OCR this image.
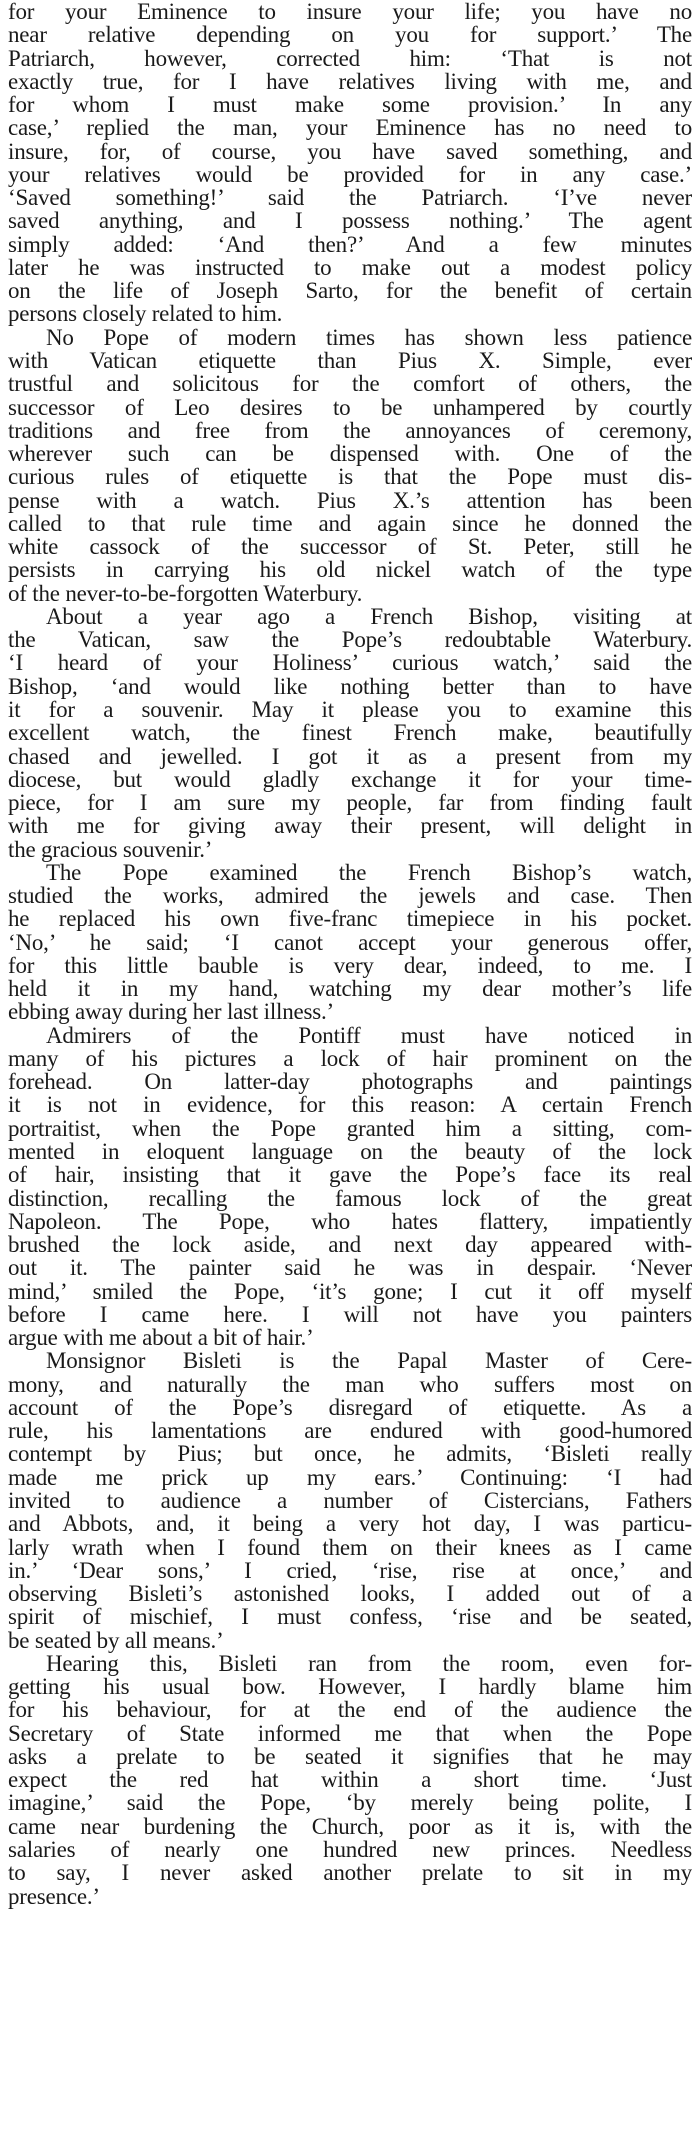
for your Eminence to insure your life; you have no
near relative depending on you for support.’ The
Patriarch, however, corrected him: ‘That is not
exactly true, for I have relatives living with me, and
for whom I must make some provision.’ In any
case,’ replied the man, your Eminence has no need to
insure, for, of course, you have saved something, and
your relatives would be provided for in any case.’
‘Saved something!’ said the Patriarch. ‘I’ve never
saved anything, and I possess nothing.’ The agent
simply added: ‘And then?’ And a few minutes
later he was instructed to make out a modest policy
on the life of Joseph Sarto, for the benefit of certain
persons closely related to him.
No Pope of modern times has shown less patience
with Vatican etiquette than Pius X. Simple, ever
trustful and solicitous for the comfort of others, the
successor of Leo desires to be unhampered by courtly
traditions and free from the annoyances of ceremony,
wherever such can be dispensed with. One of the
curious rules of etiquette is that the Pope must dis-
pense with a watch. Pius X.’s attention has been
called to that rule time and again since he donned the
white cassock of the successor of St. Peter, still he
persists in carrying his old nickel watch of the type
of the never-to-be-forgotten Waterbury.
About a year ago a French Bishop, visiting at
the Vatican, saw the Pope’s redoubtable Waterbury.
‘I heard of your Holiness’ curious watch,’ said the
Bishop, ‘and would like nothing better than to have
it for a souvenir. May it please you to examine this
excellent watch, the finest French make, beautifully
chased and jewelled. I got it as a present from my
diocese, but would gladly exchange it for your time-
piece, for I am sure my people, far from finding fault
with me for giving away their present, will delight in
the gracious souvenir.’
The Pope examined the French Bishop’s watch,
studied the works, admired the jewels and case. Then
he replaced his own five-franc timepiece in his pocket.
‘No,’ he said; ‘I canot accept your generous offer,
for this little bauble is very dear, indeed, to me. I
held it in my hand, watching my dear mother’s life
ebbing away during her last illness.’
Admirers of the Pontiff must have noticed in
many of his pictures a lock of hair prominent on the
forehead. On latter-day photographs and paintings
it is not in evidence, for this reason: A certain French
portraitist, when the Pope granted him a sitting, com-
mented in eloquent language on the beauty of the lock
of hair, insisting that it gave the Pope’s face its real
distinction, recalling the famous lock of the great
Napoleon. The Pope, who hates flattery, impatiently
brushed the lock aside, and next day appeared with-
out it. The painter said he was in despair. ‘Never
mind,’ smiled the Pope, ‘it’s gone; I cut it off myself
before I came here. I will not have you painters
argue with me about a bit of hair.’
Monsignor Bisleti is the Papal Master of Cere-
mony, and naturally the man who suffers most on
account of the Pope’s disregard of etiquette. As a
rule, his lamentations are endured with good-humored
contempt by Pius; but once, he admits, ‘Bisleti really
made me prick up my ears.’ Continuing: ‘I had
invited to audience a number of Cistercians, Fathers
and Abbots, and, it being a very hot day, I was particu-
larly wrath when I found them on their knees as I came
in.’ ‘Dear sons,’ I cried, ‘rise, rise at once,’ and
observing Bisleti’s astonished looks, I added out of a
spirit of mischief, I must confess, ‘rise and be seated,
be seated by all means.’
Hearing this, Bisleti ran from the room, even for-
getting his usual bow. However, I hardly blame him
for his behaviour, for at the end of the audience the
Secretary of State informed me that when the Pope
asks a prelate to be seated it signifies that he may
expect the red hat within a short time. ‘Just
imagine,’ said the Pope, ‘by merely being polite, I
came near burdening the Church, poor as it is, with the
salaries of nearly one hundred new princes. Needless
to say, I never asked another prelate to sit in my
presence.’
